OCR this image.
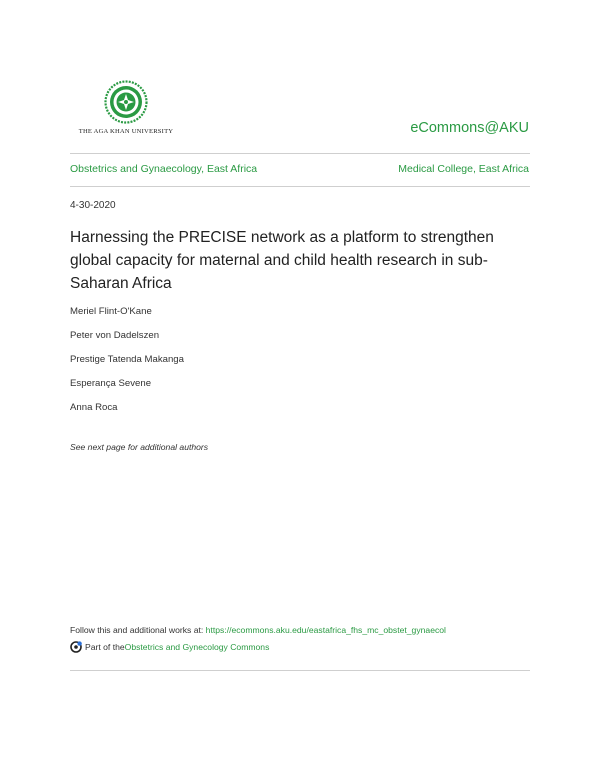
THE AGA KHAN UNIVERSITY	eCommons@AKU
Obstetrics and Gynaecology, East Africa	Medical College, East Africa
4-30-2020
Harnessing the PRECISE network as a platform to strengthen global capacity for maternal and child health research in sub-Saharan Africa
Meriel Flint-O'Kane
Peter von Dadelszen
Prestige Tatenda Makanga
Esperança Sevene
Anna Roca
See next page for additional authors
Follow this and additional works at: https://ecommons.aku.edu/eastafrica_fhs_mc_obstet_gynaecol
Part of the Obstetrics and Gynecology Commons
